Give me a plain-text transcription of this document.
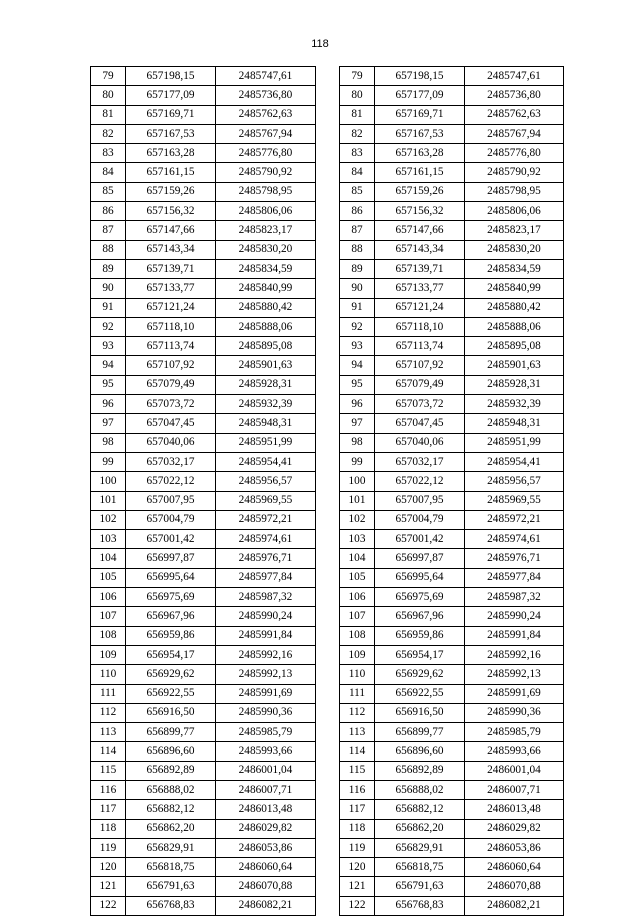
118
79	657198,15	2485747,61
80	657177,09	2485736,80
81	657169,71	2485762,63
82	657167,53	2485767,94
83	657163,28	2485776,80
84	657161,15	2485790,92
85	657159,26	2485798,95
86	657156,32	2485806,06
87	657147,66	2485823,17
88	657143,34	2485830,20
89	657139,71	2485834,59
90	657133,77	2485840,99
91	657121,24	2485880,42
92	657118,10	2485888,06
93	657113,74	2485895,08
94	657107,92	2485901,63
95	657079,49	2485928,31
96	657073,72	2485932,39
97	657047,45	2485948,31
98	657040,06	2485951,99
99	657032,17	2485954,41
100	657022,12	2485956,57
101	657007,95	2485969,55
102	657004,79	2485972,21
103	657001,42	2485974,61
104	656997,87	2485976,71
105	656995,64	2485977,84
106	656975,69	2485987,32
107	656967,96	2485990,24
108	656959,86	2485991,84
109	656954,17	2485992,16
110	656929,62	2485992,13
111	656922,55	2485991,69
112	656916,50	2485990,36
113	656899,77	2485985,79
114	656896,60	2485993,66
115	656892,89	2486001,04
116	656888,02	2486007,71
117	656882,12	2486013,48
118	656862,20	2486029,82
119	656829,91	2486053,86
120	656818,75	2486060,64
121	656791,63	2486070,88
122	656768,83	2486082,21
79	657198,15	2485747,61
80	657177,09	2485736,80
81	657169,71	2485762,63
82	657167,53	2485767,94
83	657163,28	2485776,80
84	657161,15	2485790,92
85	657159,26	2485798,95
86	657156,32	2485806,06
87	657147,66	2485823,17
88	657143,34	2485830,20
89	657139,71	2485834,59
90	657133,77	2485840,99
91	657121,24	2485880,42
92	657118,10	2485888,06
93	657113,74	2485895,08
94	657107,92	2485901,63
95	657079,49	2485928,31
96	657073,72	2485932,39
97	657047,45	2485948,31
98	657040,06	2485951,99
99	657032,17	2485954,41
100	657022,12	2485956,57
101	657007,95	2485969,55
102	657004,79	2485972,21
103	657001,42	2485974,61
104	656997,87	2485976,71
105	656995,64	2485977,84
106	656975,69	2485987,32
107	656967,96	2485990,24
108	656959,86	2485991,84
109	656954,17	2485992,16
110	656929,62	2485992,13
111	656922,55	2485991,69
112	656916,50	2485990,36
113	656899,77	2485985,79
114	656896,60	2485993,66
115	656892,89	2486001,04
116	656888,02	2486007,71
117	656882,12	2486013,48
118	656862,20	2486029,82
119	656829,91	2486053,86
120	656818,75	2486060,64
121	656791,63	2486070,88
122	656768,83	2486082,21
